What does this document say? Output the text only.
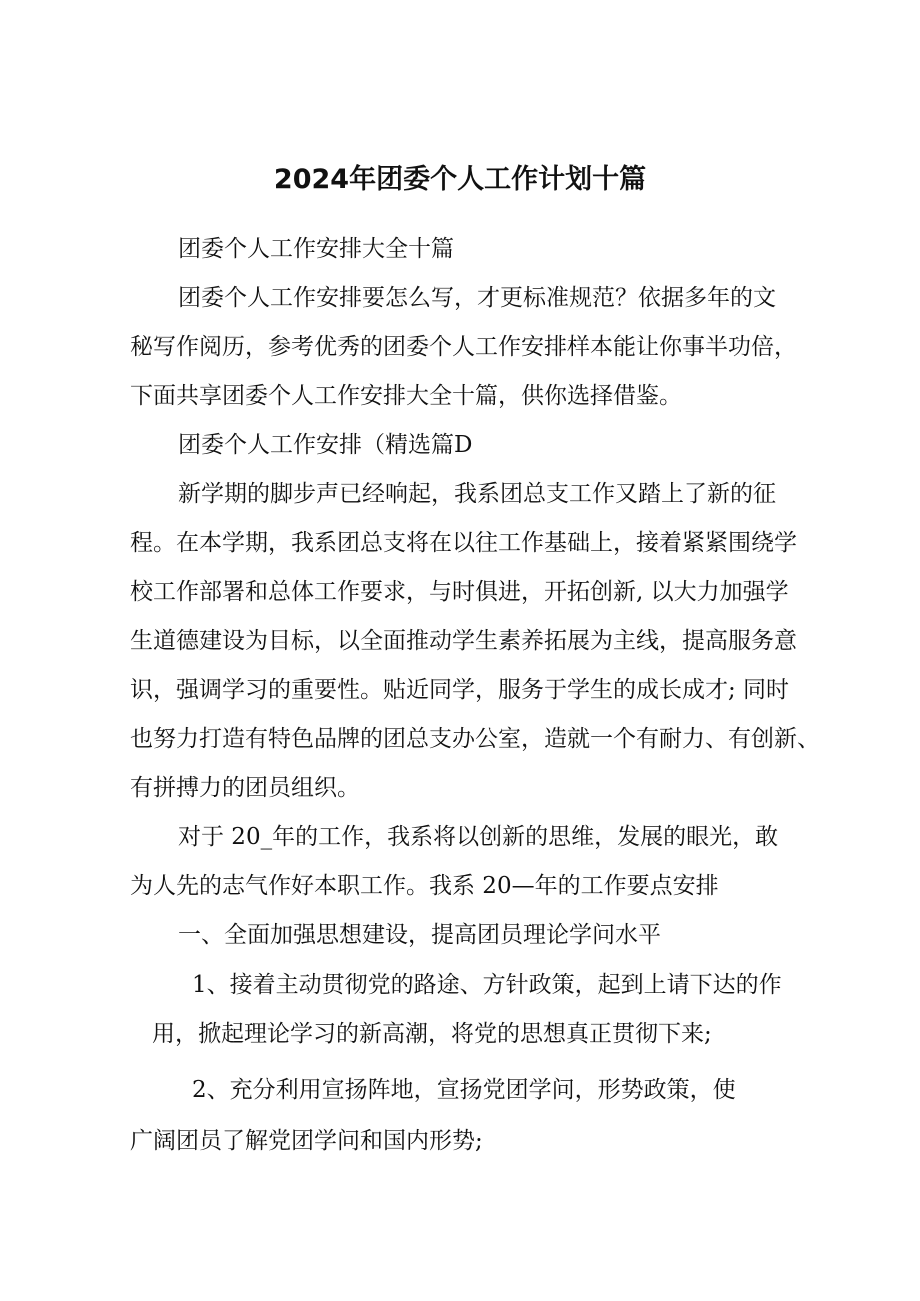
2024年团委个人工作计划十篇
团委个人工作安排大全十篇
团委个人工作安排要怎么写，才更标准规范？依据多年的文
秘写作阅历，参考优秀的团委个人工作安排样本能让你事半功倍，
下面共享团委个人工作安排大全十篇，供你选择借鉴。
团委个人工作安排（精选篇D
新学期的脚步声已经响起，我系团总支工作又踏上了新的征
程。在本学期，我系团总支将在以往工作基础上，接着紧紧围绕学
校工作部署和总体工作要求，与时俱进，开拓创新, 以大力加强学
生道德建设为目标，以全面推动学生素养拓展为主线，提高服务意
识，强调学习的重要性。贴近同学，服务于学生的成长成才; 同时
也努力打造有特色品牌的团总支办公室，造就一个有耐力、有创新、
有拼搏力的团员组织。
对于 20_年的工作，我系将以创新的思维，发展的眼光，敢
为人先的志气作好本职工作。我系 20—年的工作要点安排
一、全面加强思想建设，提高团员理论学问水平
1、接着主动贯彻党的路途、方针政策，起到上请下达的作
用，掀起理论学习的新高潮，将党的思想真正贯彻下来;
2、充分利用宣扬阵地，宣扬党团学问，形势政策，使
广阔团员了解党团学问和国内形势;
